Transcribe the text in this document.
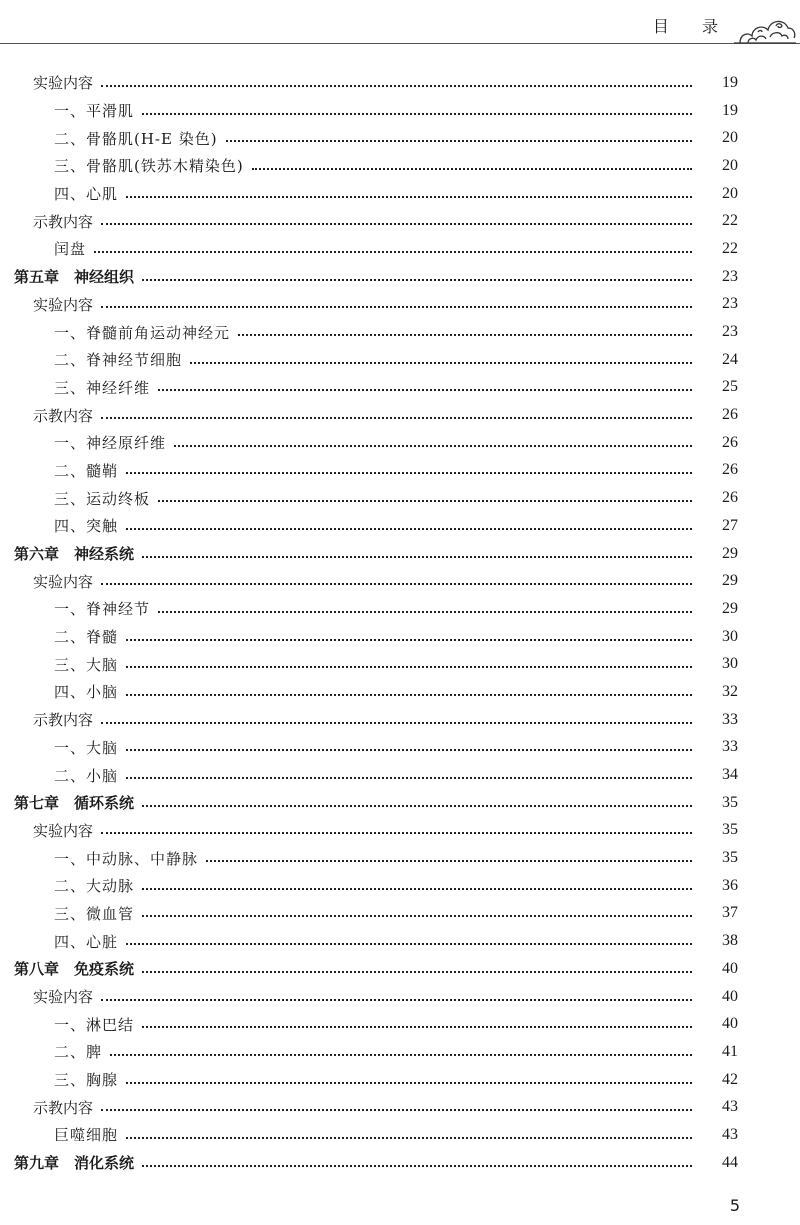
目 录
实验内容	19
一、平滑肌	19
二、骨骼肌(H-E 染色)	20
三、骨骼肌(铁苏木精染色)	20
四、心肌	20
示教内容	22
闰盘	22
第五章　神经组织	23
实验内容	23
一、脊髓前角运动神经元	23
二、脊神经节细胞	24
三、神经纤维	25
示教内容	26
一、神经原纤维	26
二、髓鞘	26
三、运动终板	26
四、突触	27
第六章　神经系统	29
实验内容	29
一、脊神经节	29
二、脊髓	30
三、大脑	30
四、小脑	32
示教内容	33
一、大脑	33
二、小脑	34
第七章　循环系统	35
实验内容	35
一、中动脉、中静脉	35
二、大动脉	36
三、微血管	37
四、心脏	38
第八章　免疫系统	40
实验内容	40
一、淋巴结	40
二、脾	41
三、胸腺	42
示教内容	43
巨噬细胞	43
第九章　消化系统	44
5
